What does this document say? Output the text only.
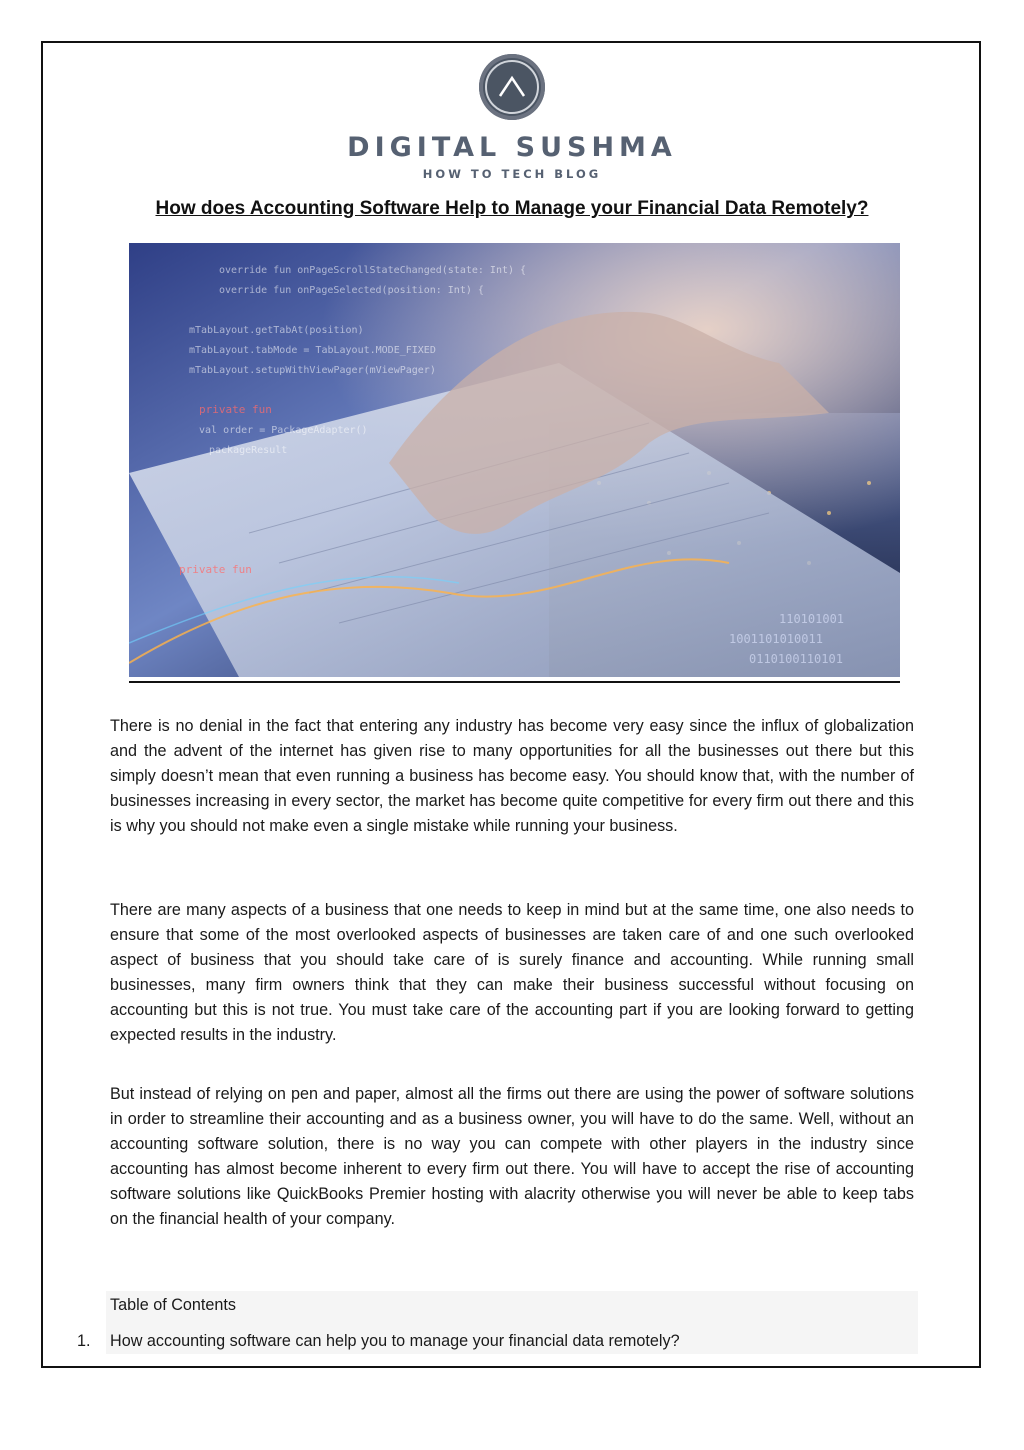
DIGITAL SUSHMA
HOW TO TECH BLOG
How does Accounting Software Help to Manage your Financial Data Remotely?
private fun
private fun
override fun onPageScrollStateChanged(state: Int) {
override fun onPageSelected(position: Int) {
mTabLayout.getTabAt(position)
mTabLayout.tabMode = TabLayout.MODE_FIXED
mTabLayout.setupWithViewPager(mViewPager)
val order = PackageAdapter()
packageResult
1001101010011
0110100110101
110101001

There is no denial in the fact that entering any industry has become very easy since the influx of globalization and the advent of the internet has given rise to many opportunities for all the businesses out there but this simply doesn’t mean that even running a business has become easy. You should know that, with the number of businesses increasing in every sector, the market has become quite competitive for every firm out there and this is why you should not make even a single mistake while running your business.

There are many aspects of a business that one needs to keep in mind but at the same time, one also needs to ensure that some of the most overlooked aspects of businesses are taken care of and one such overlooked aspect of business that you should take care of is surely finance and accounting. While running small businesses, many firm owners think that they can make their business successful without focusing on accounting but this is not true. You must take care of the accounting part if you are looking forward to getting expected results in the industry.

But instead of relying on pen and paper, almost all the firms out there are using the power of software solutions in order to streamline their accounting and as a business owner, you will have to do the same. Well, without an accounting software solution, there is no way you can compete with other players in the industry since accounting has almost become inherent to every firm out there. You will have to accept the rise of accounting software solutions like QuickBooks Premier hosting with alacrity otherwise you will never be able to keep tabs on the financial health of your company.

Table of Contents
1. How accounting software can help you to manage your financial data remotely?
